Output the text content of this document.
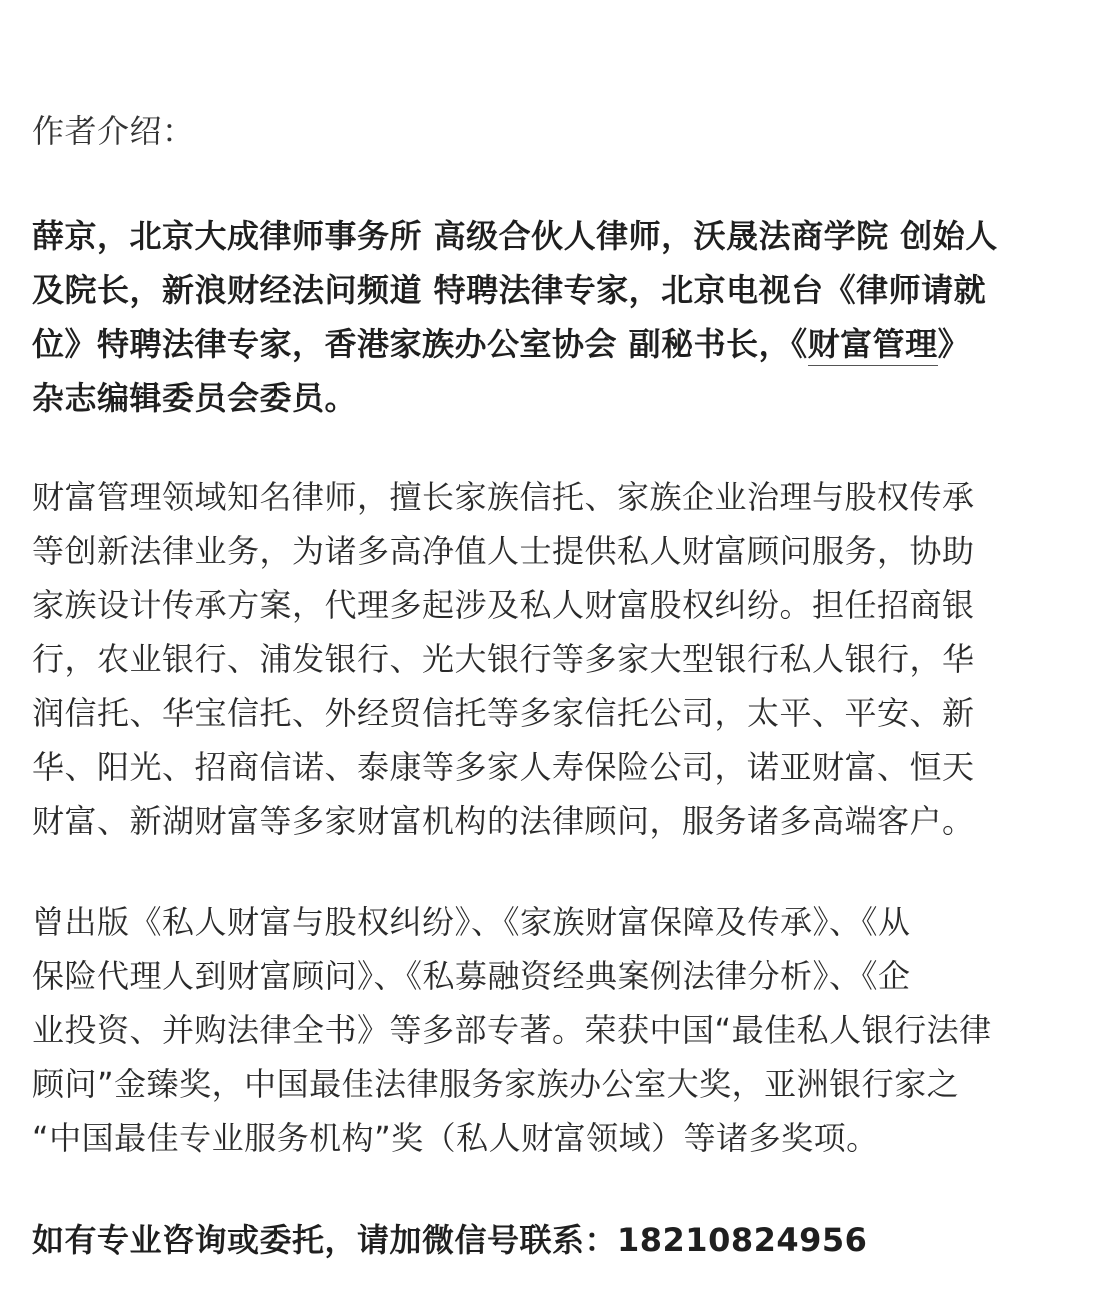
作者介绍：

薛京，北京大成律师事务所 高级合伙人律师，沃晟法商学院 创始人
及院长，新浪财经法问频道 特聘法律专家，北京电视台《律师请就
位》特聘法律专家，香港家族办公室协会 副秘书长，《财富管理》
杂志编辑委员会委员。

财富管理领域知名律师，擅长家族信托、家族企业治理与股权传承
等创新法律业务，为诸多高净值人士提供私人财富顾问服务，协助
家族设计传承方案，代理多起涉及私人财富股权纠纷。担任招商银
行，农业银行、浦发银行、光大银行等多家大型银行私人银行，华
润信托、华宝信托、外经贸信托等多家信托公司，太平、平安、新
华、阳光、招商信诺、泰康等多家人寿保险公司，诺亚财富、恒天
财富、新湖财富等多家财富机构的法律顾问，服务诸多高端客户。

曾出版《私人财富与股权纠纷》、《家族财富保障及传承》、《从
保险代理人到财富顾问》、《私募融资经典案例法律分析》、《企
业投资、并购法律全书》等多部专著。荣获中国“最佳私人银行法律
顾问”金臻奖，中国最佳法律服务家族办公室大奖，亚洲银行家之
“中国最佳专业服务机构”奖（私人财富领域）等诸多奖项。

如有专业咨询或委托，请加微信号联系：18210824956
